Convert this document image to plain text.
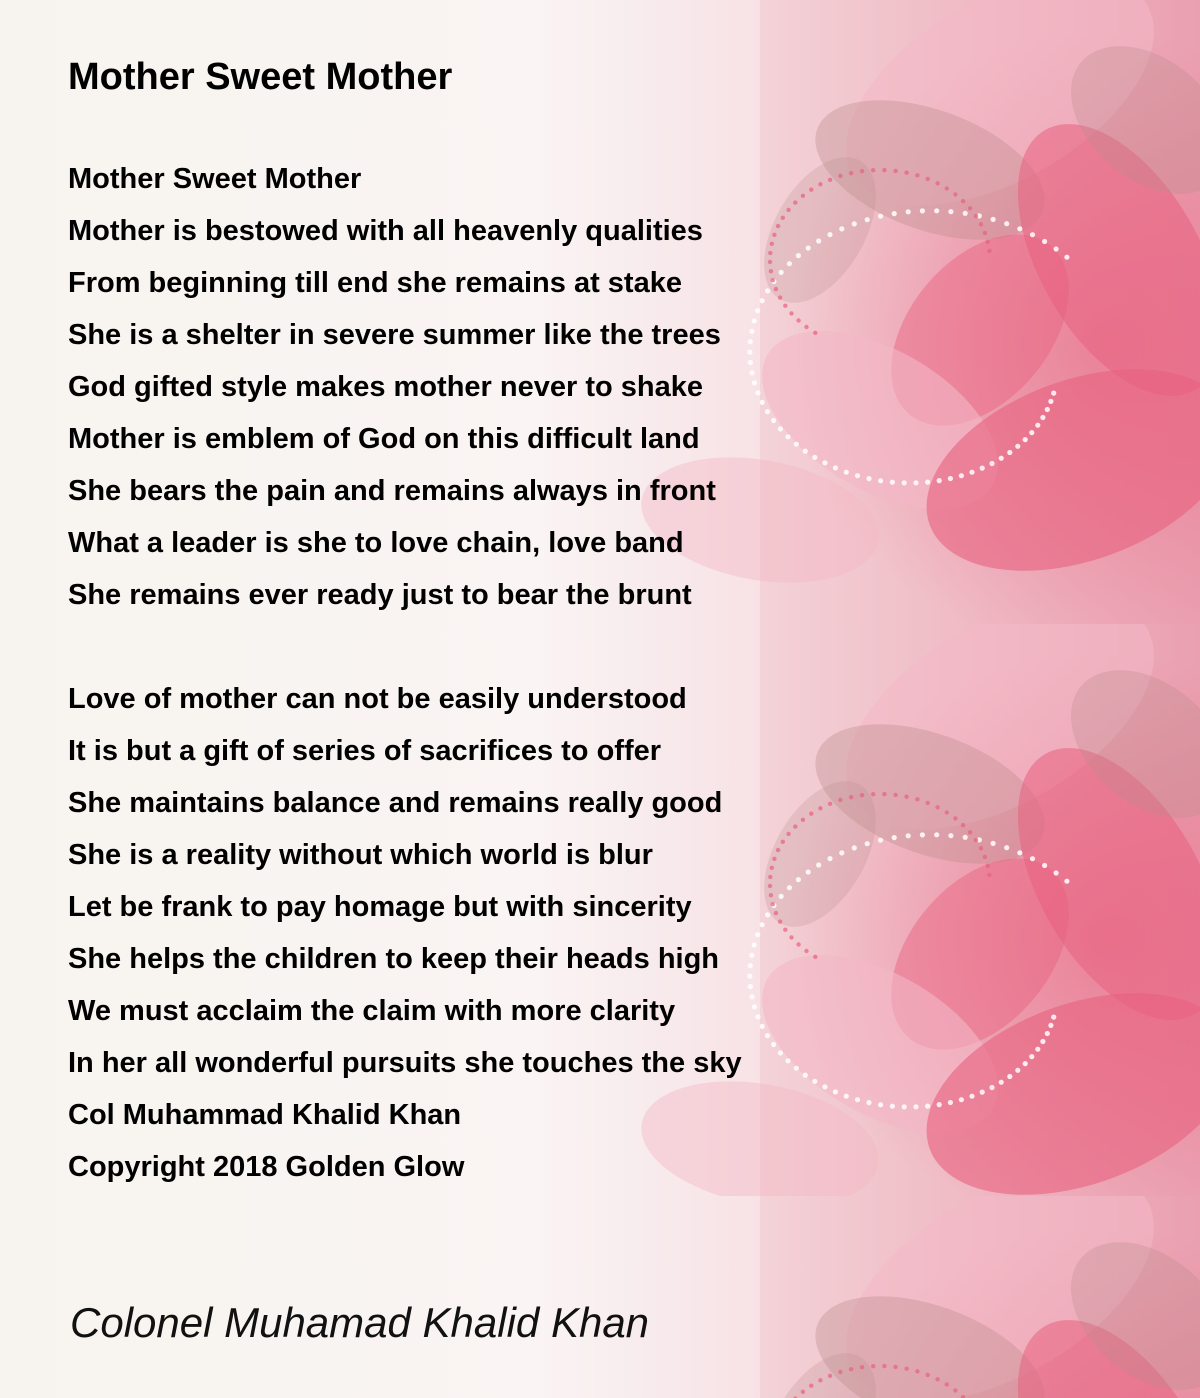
Mother Sweet Mother
Mother Sweet Mother
Mother is bestowed with all heavenly qualities
From beginning till end she remains at stake
She is a shelter in severe summer like the trees
God gifted style makes mother never to shake
Mother is emblem of God on this difficult land
She bears the pain and remains always in front
What a leader is she to love chain, love band
She remains ever ready just to bear the brunt
Love of mother can not be easily understood
It is but a gift of series of sacrifices to offer
She maintains balance and remains really good
She is a reality without which world is blur
Let be frank to pay homage but with sincerity
She helps the children to keep their heads high
We must acclaim the claim with more clarity
In her all wonderful pursuits she touches the sky
Col Muhammad Khalid Khan
Copyright 2018 Golden Glow
Colonel Muhamad Khalid Khan
